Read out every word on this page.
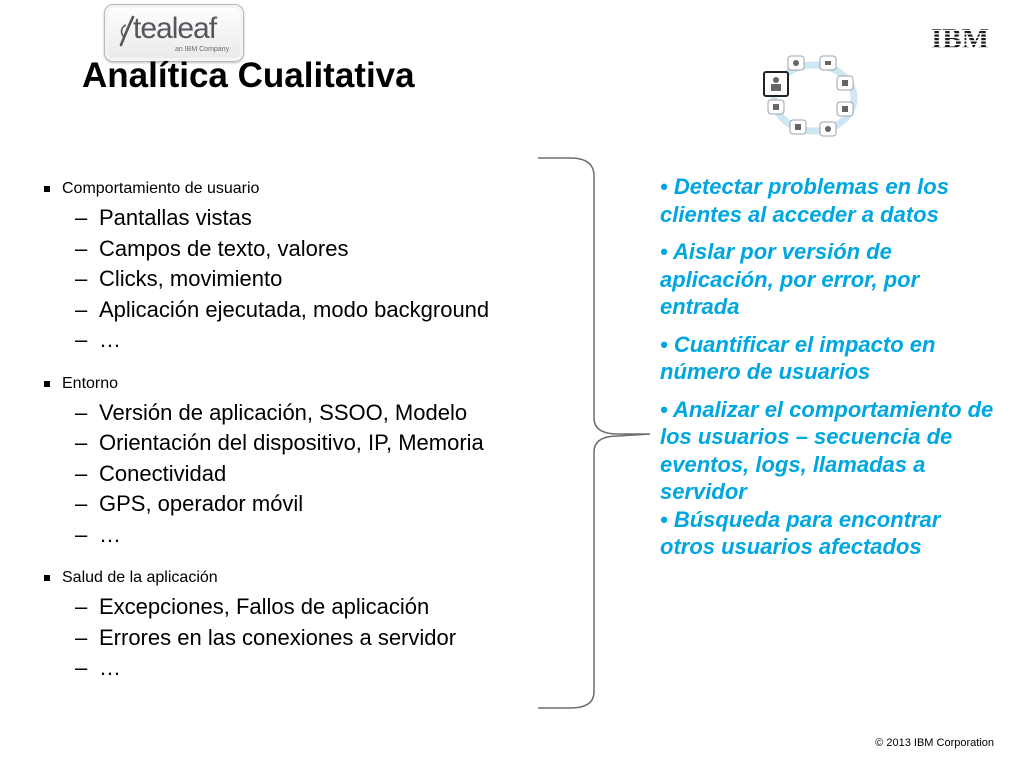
tealeaf
an IBM Company	IBM
Analítica Cualitativa

Comportamiento de usuario

– Pantallas vistas
– Campos de texto, valores
– Clicks, movimiento
– Aplicación ejecutada, modo background
– …

Entorno

– Versión de aplicación, SSOO, Modelo
– Orientación del dispositivo, IP, Memoria
– Conectividad
– GPS, operador móvil
– …

Salud de la aplicación

– Excepciones, Fallos de aplicación
– Errores en las conexiones a servidor
– …

• Detectar problemas en los clientes al acceder a datos

• Aislar por versión de aplicación, por error, por entrada

• Cuantificar el impacto en número de usuarios

• Analizar el comportamiento de los usuarios – secuencia de eventos, logs, llamadas a servidor

• Búsqueda para encontrar otros usuarios afectados

© 2013 IBM Corporation
